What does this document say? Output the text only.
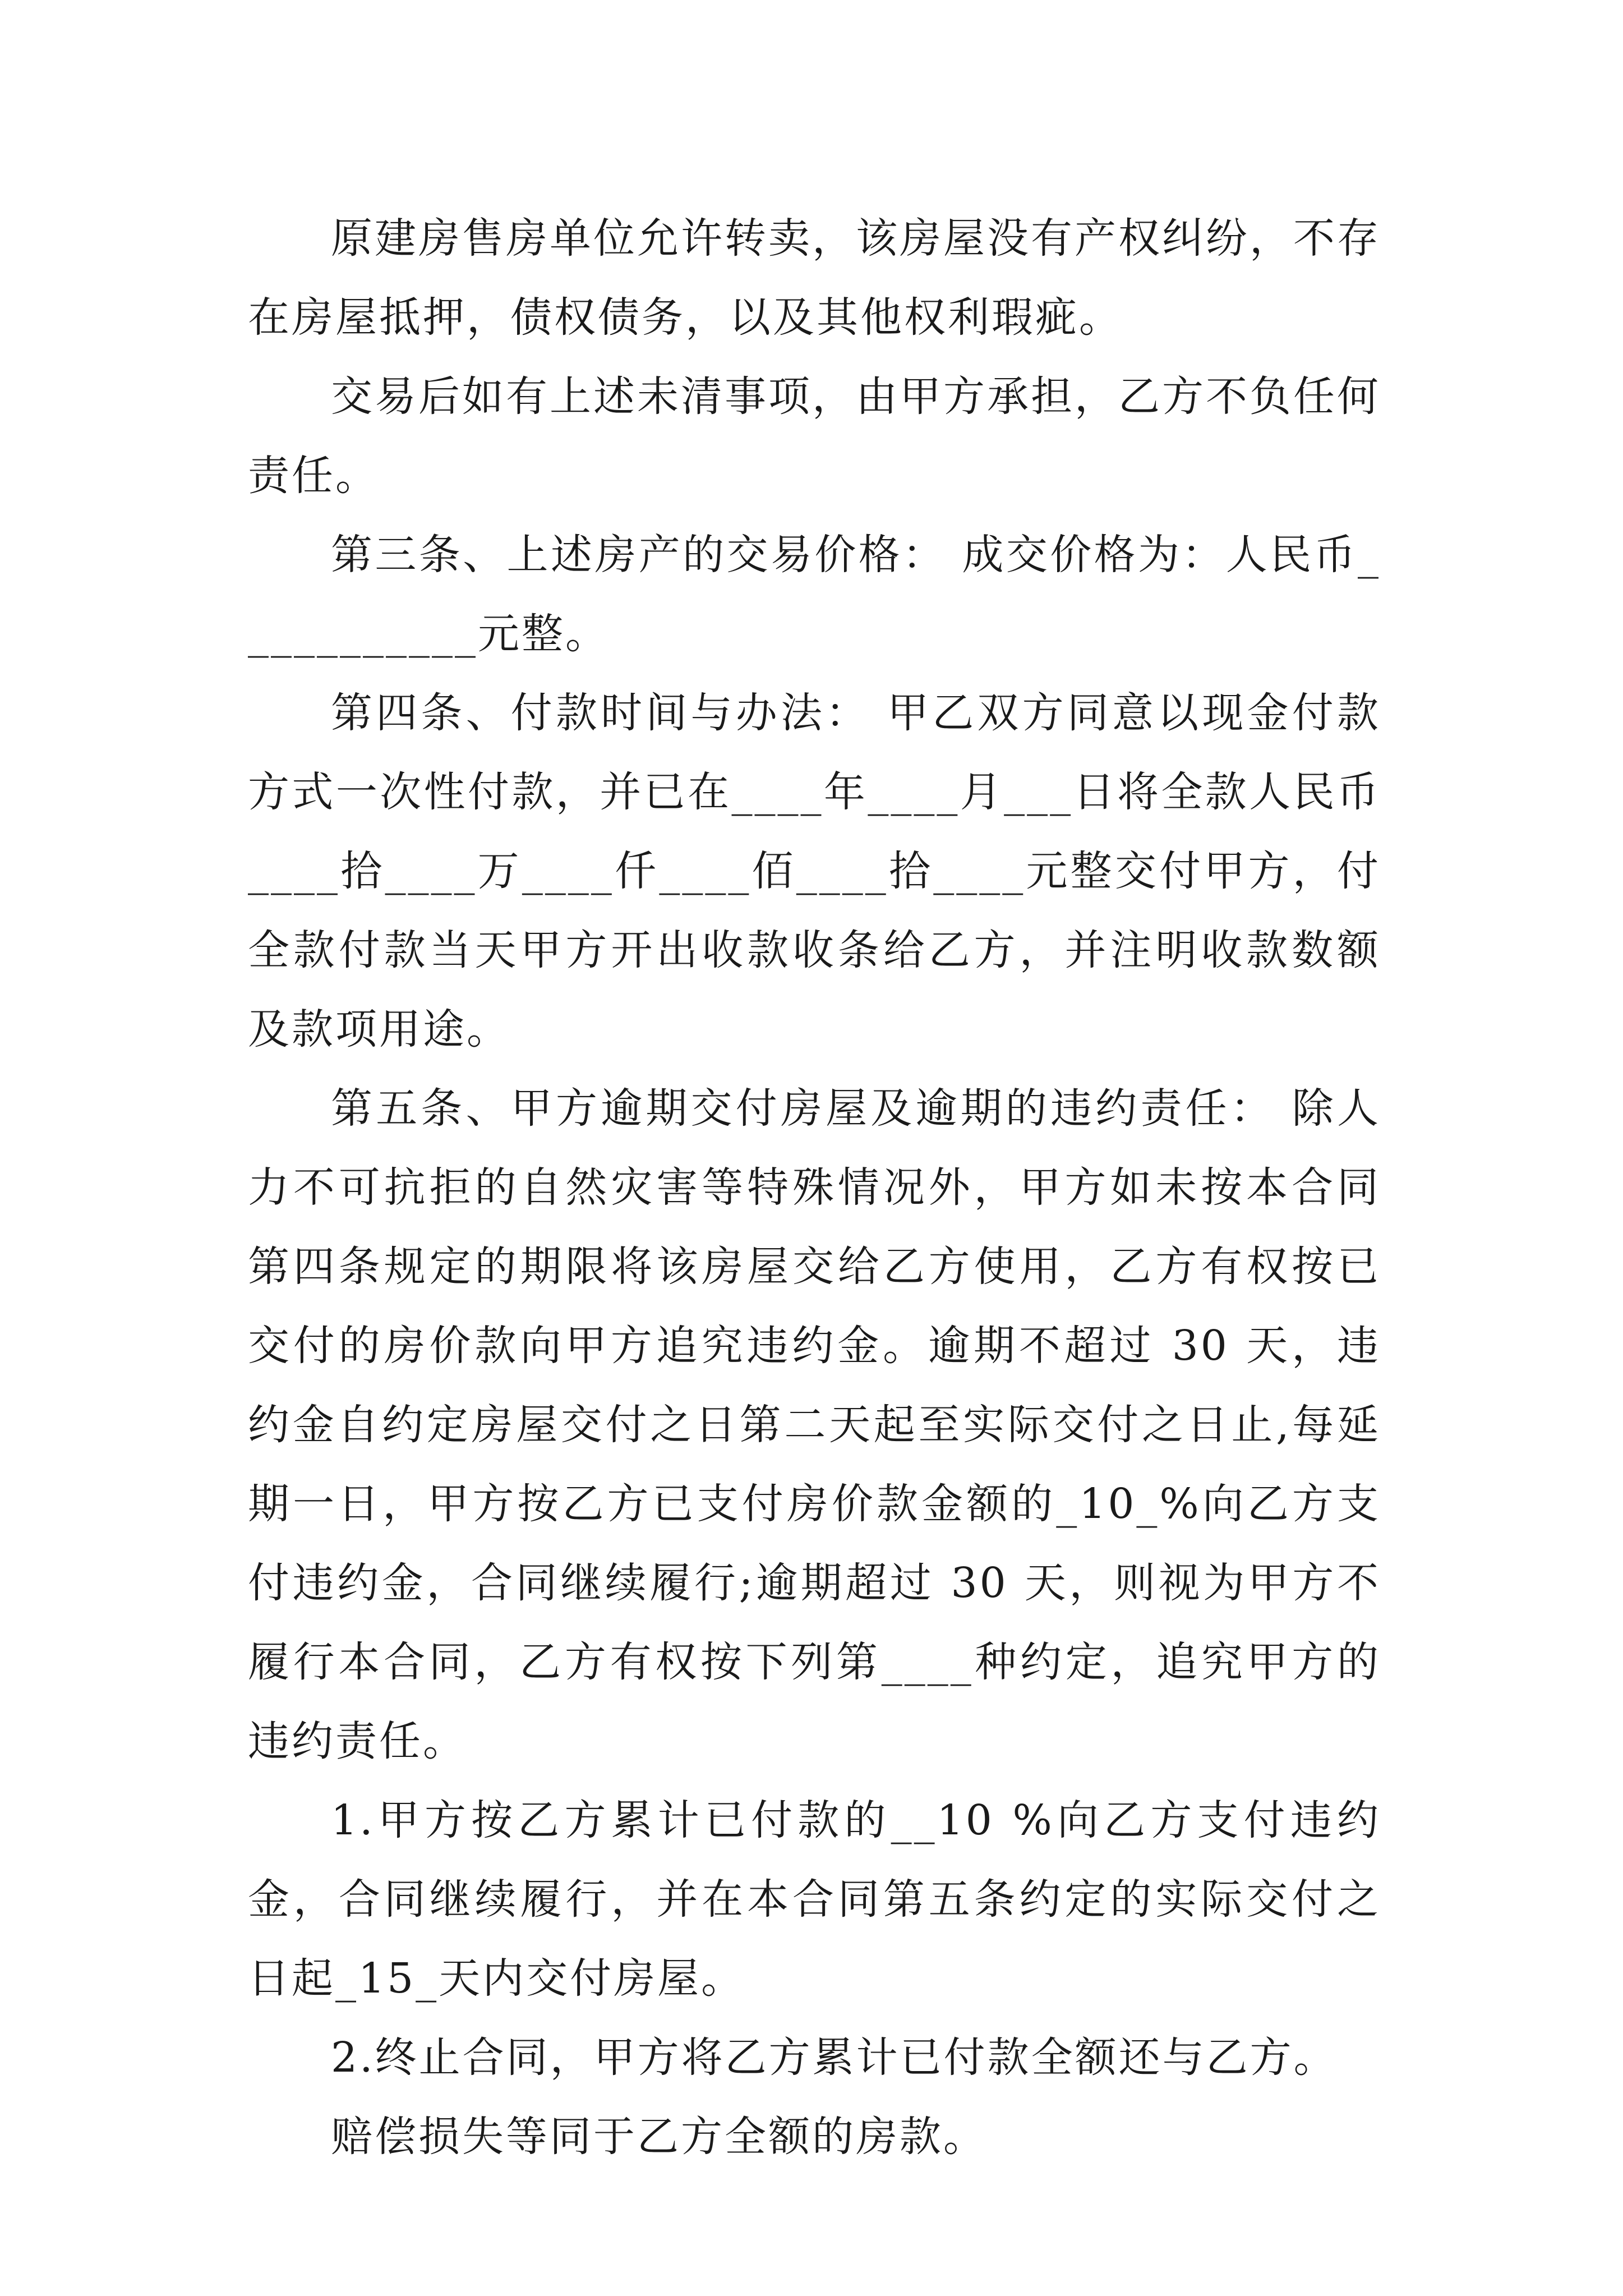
原建房售房单位允许转卖，该房屋没有产权纠纷，不存在房屋抵押，债权债务，以及其他权利瑕疵。

交易后如有上述未清事项，由甲方承担，乙方不负任何责任。

第三条、上述房产的交易价格： 成交价格为：人民币___________元整。

第四条、付款时间与办法： 甲乙双方同意以现金付款方式一次性付款，并已在____年____月___日将全款人民币____拾____万____仟____佰____拾____元整交付甲方，付全款付款当天甲方开出收款收条给乙方，并注明收款数额及款项用途。

第五条、甲方逾期交付房屋及逾期的违约责任： 除人力不可抗拒的自然灾害等特殊情况外，甲方如未按本合同第四条规定的期限将该房屋交给乙方使用，乙方有权按已交付的房价款向甲方追究违约金。逾期不超过 30 天，违约金自约定房屋交付之日第二天起至实际交付之日止,每延期一日，甲方按乙方已支付房价款金额的_10_%向乙方支付违约金，合同继续履行;逾期超过 30 天，则视为甲方不履行本合同，乙方有权按下列第____种约定，追究甲方的违约责任。

1.甲方按乙方累计已付款的__10 %向乙方支付违约金，合同继续履行，并在本合同第五条约定的实际交付之日起_15_天内交付房屋。

2.终止合同，甲方将乙方累计已付款全额还与乙方。

赔偿损失等同于乙方全额的房款。
